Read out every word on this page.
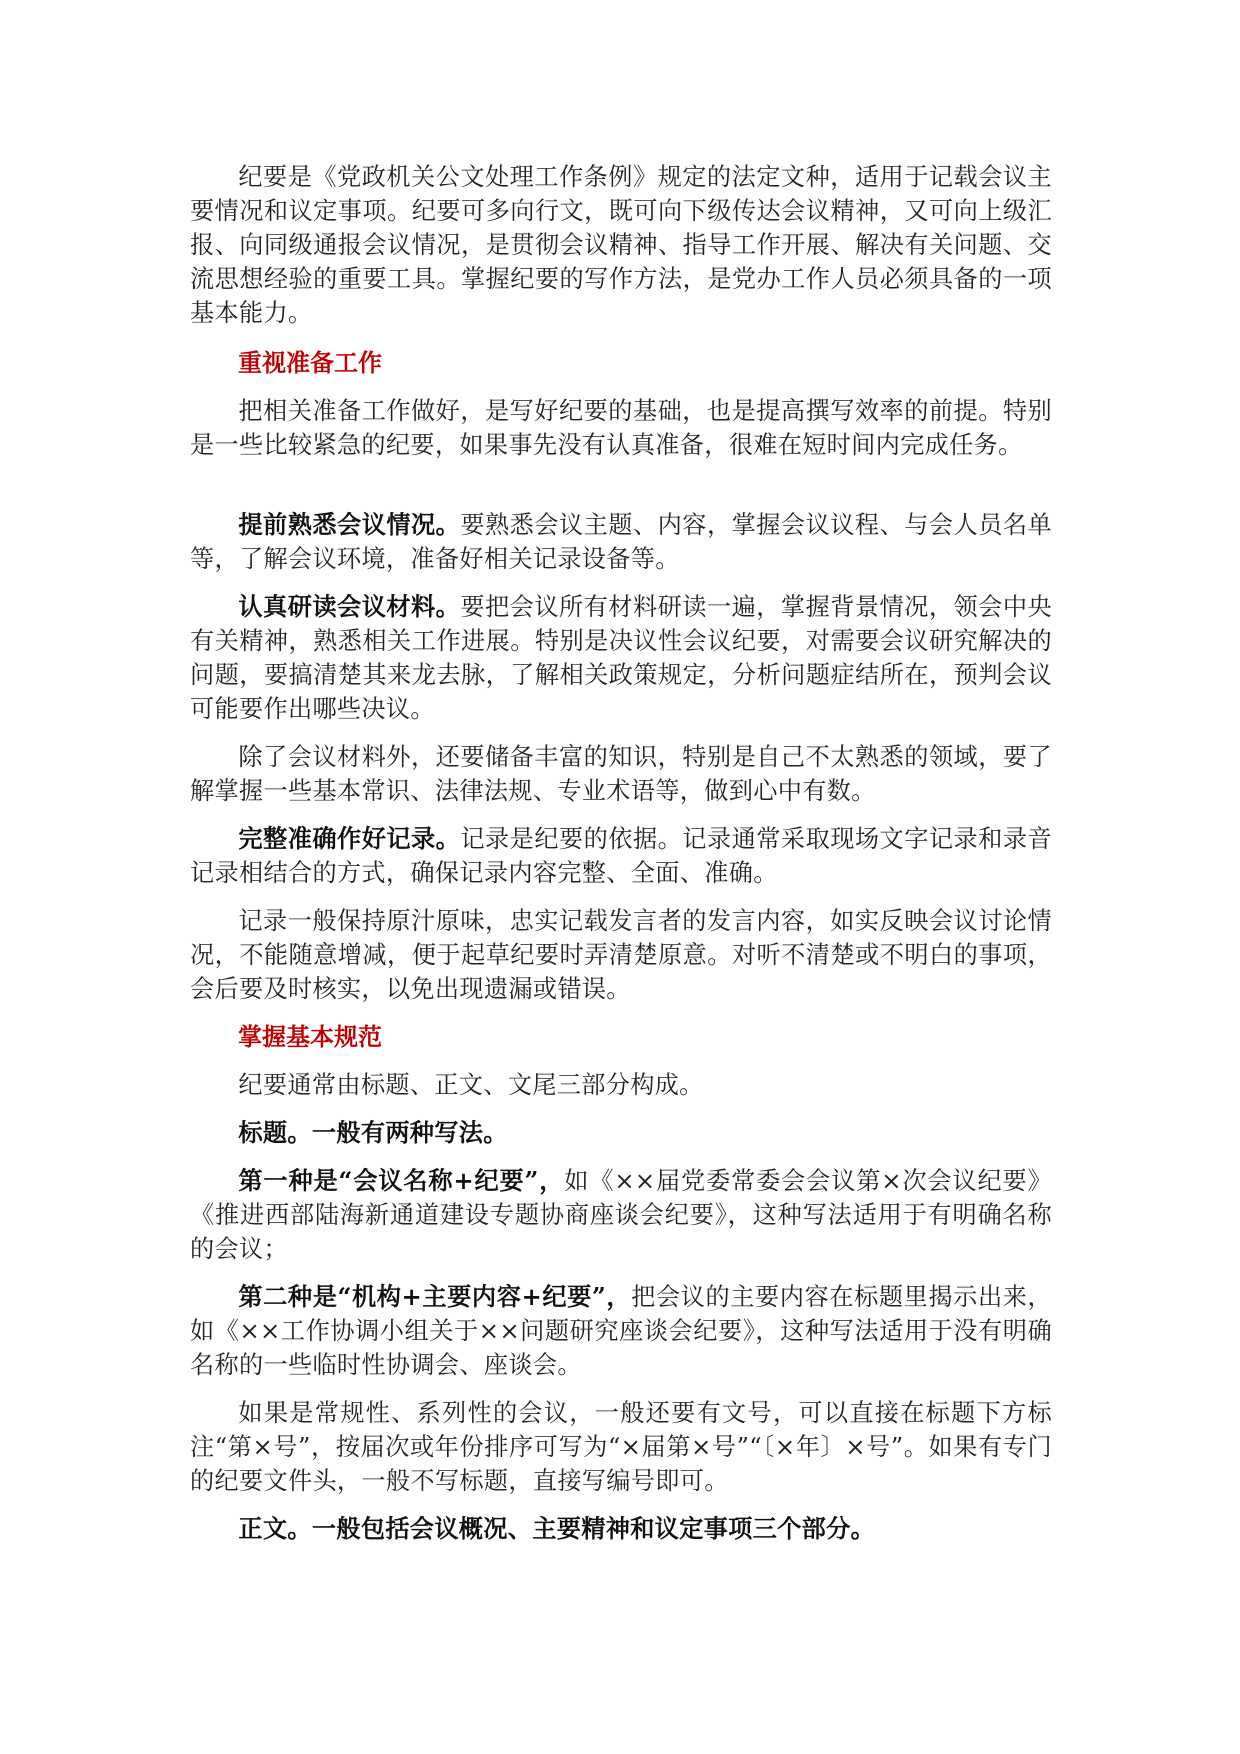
纪要是《党政机关公文处理工作条例》规定的法定文种，适用于记载会议主要情况和议定事项。纪要可多向行文，既可向下级传达会议精神，又可向上级汇报、向同级通报会议情况，是贯彻会议精神、指导工作开展、解决有关问题、交流思想经验的重要工具。掌握纪要的写作方法，是党办工作人员必须具备的一项基本能力。

重视准备工作

把相关准备工作做好，是写好纪要的基础，也是提高撰写效率的前提。特别是一些比较紧急的纪要，如果事先没有认真准备，很难在短时间内完成任务。

提前熟悉会议情况。要熟悉会议主题、内容，掌握会议议程、与会人员名单等，了解会议环境，准备好相关记录设备等。

认真研读会议材料。要把会议所有材料研读一遍，掌握背景情况，领会中央有关精神，熟悉相关工作进展。特别是决议性会议纪要，对需要会议研究解决的问题，要搞清楚其来龙去脉，了解相关政策规定，分析问题症结所在，预判会议可能要作出哪些决议。

除了会议材料外，还要储备丰富的知识，特别是自己不太熟悉的领域，要了解掌握一些基本常识、法律法规、专业术语等，做到心中有数。

完整准确作好记录。记录是纪要的依据。记录通常采取现场文字记录和录音记录相结合的方式，确保记录内容完整、全面、准确。

记录一般保持原汁原味，忠实记载发言者的发言内容，如实反映会议讨论情况，不能随意增减，便于起草纪要时弄清楚原意。对听不清楚或不明白的事项，会后要及时核实，以免出现遗漏或错误。

掌握基本规范

纪要通常由标题、正文、文尾三部分构成。

标题。一般有两种写法。

第一种是“会议名称+纪要”，如《××届党委常委会会议第×次会议纪要》《推进西部陆海新通道建设专题协商座谈会纪要》，这种写法适用于有明确名称的会议；

第二种是“机构+主要内容+纪要”，把会议的主要内容在标题里揭示出来，如《××工作协调小组关于××问题研究座谈会纪要》，这种写法适用于没有明确名称的一些临时性协调会、座谈会。

如果是常规性、系列性的会议，一般还要有文号，可以直接在标题下方标注“第×号”，按届次或年份排序可写为“×届第×号”“〔×年〕×号”。如果有专门的纪要文件头，一般不写标题，直接写编号即可。

正文。一般包括会议概况、主要精神和议定事项三个部分。
